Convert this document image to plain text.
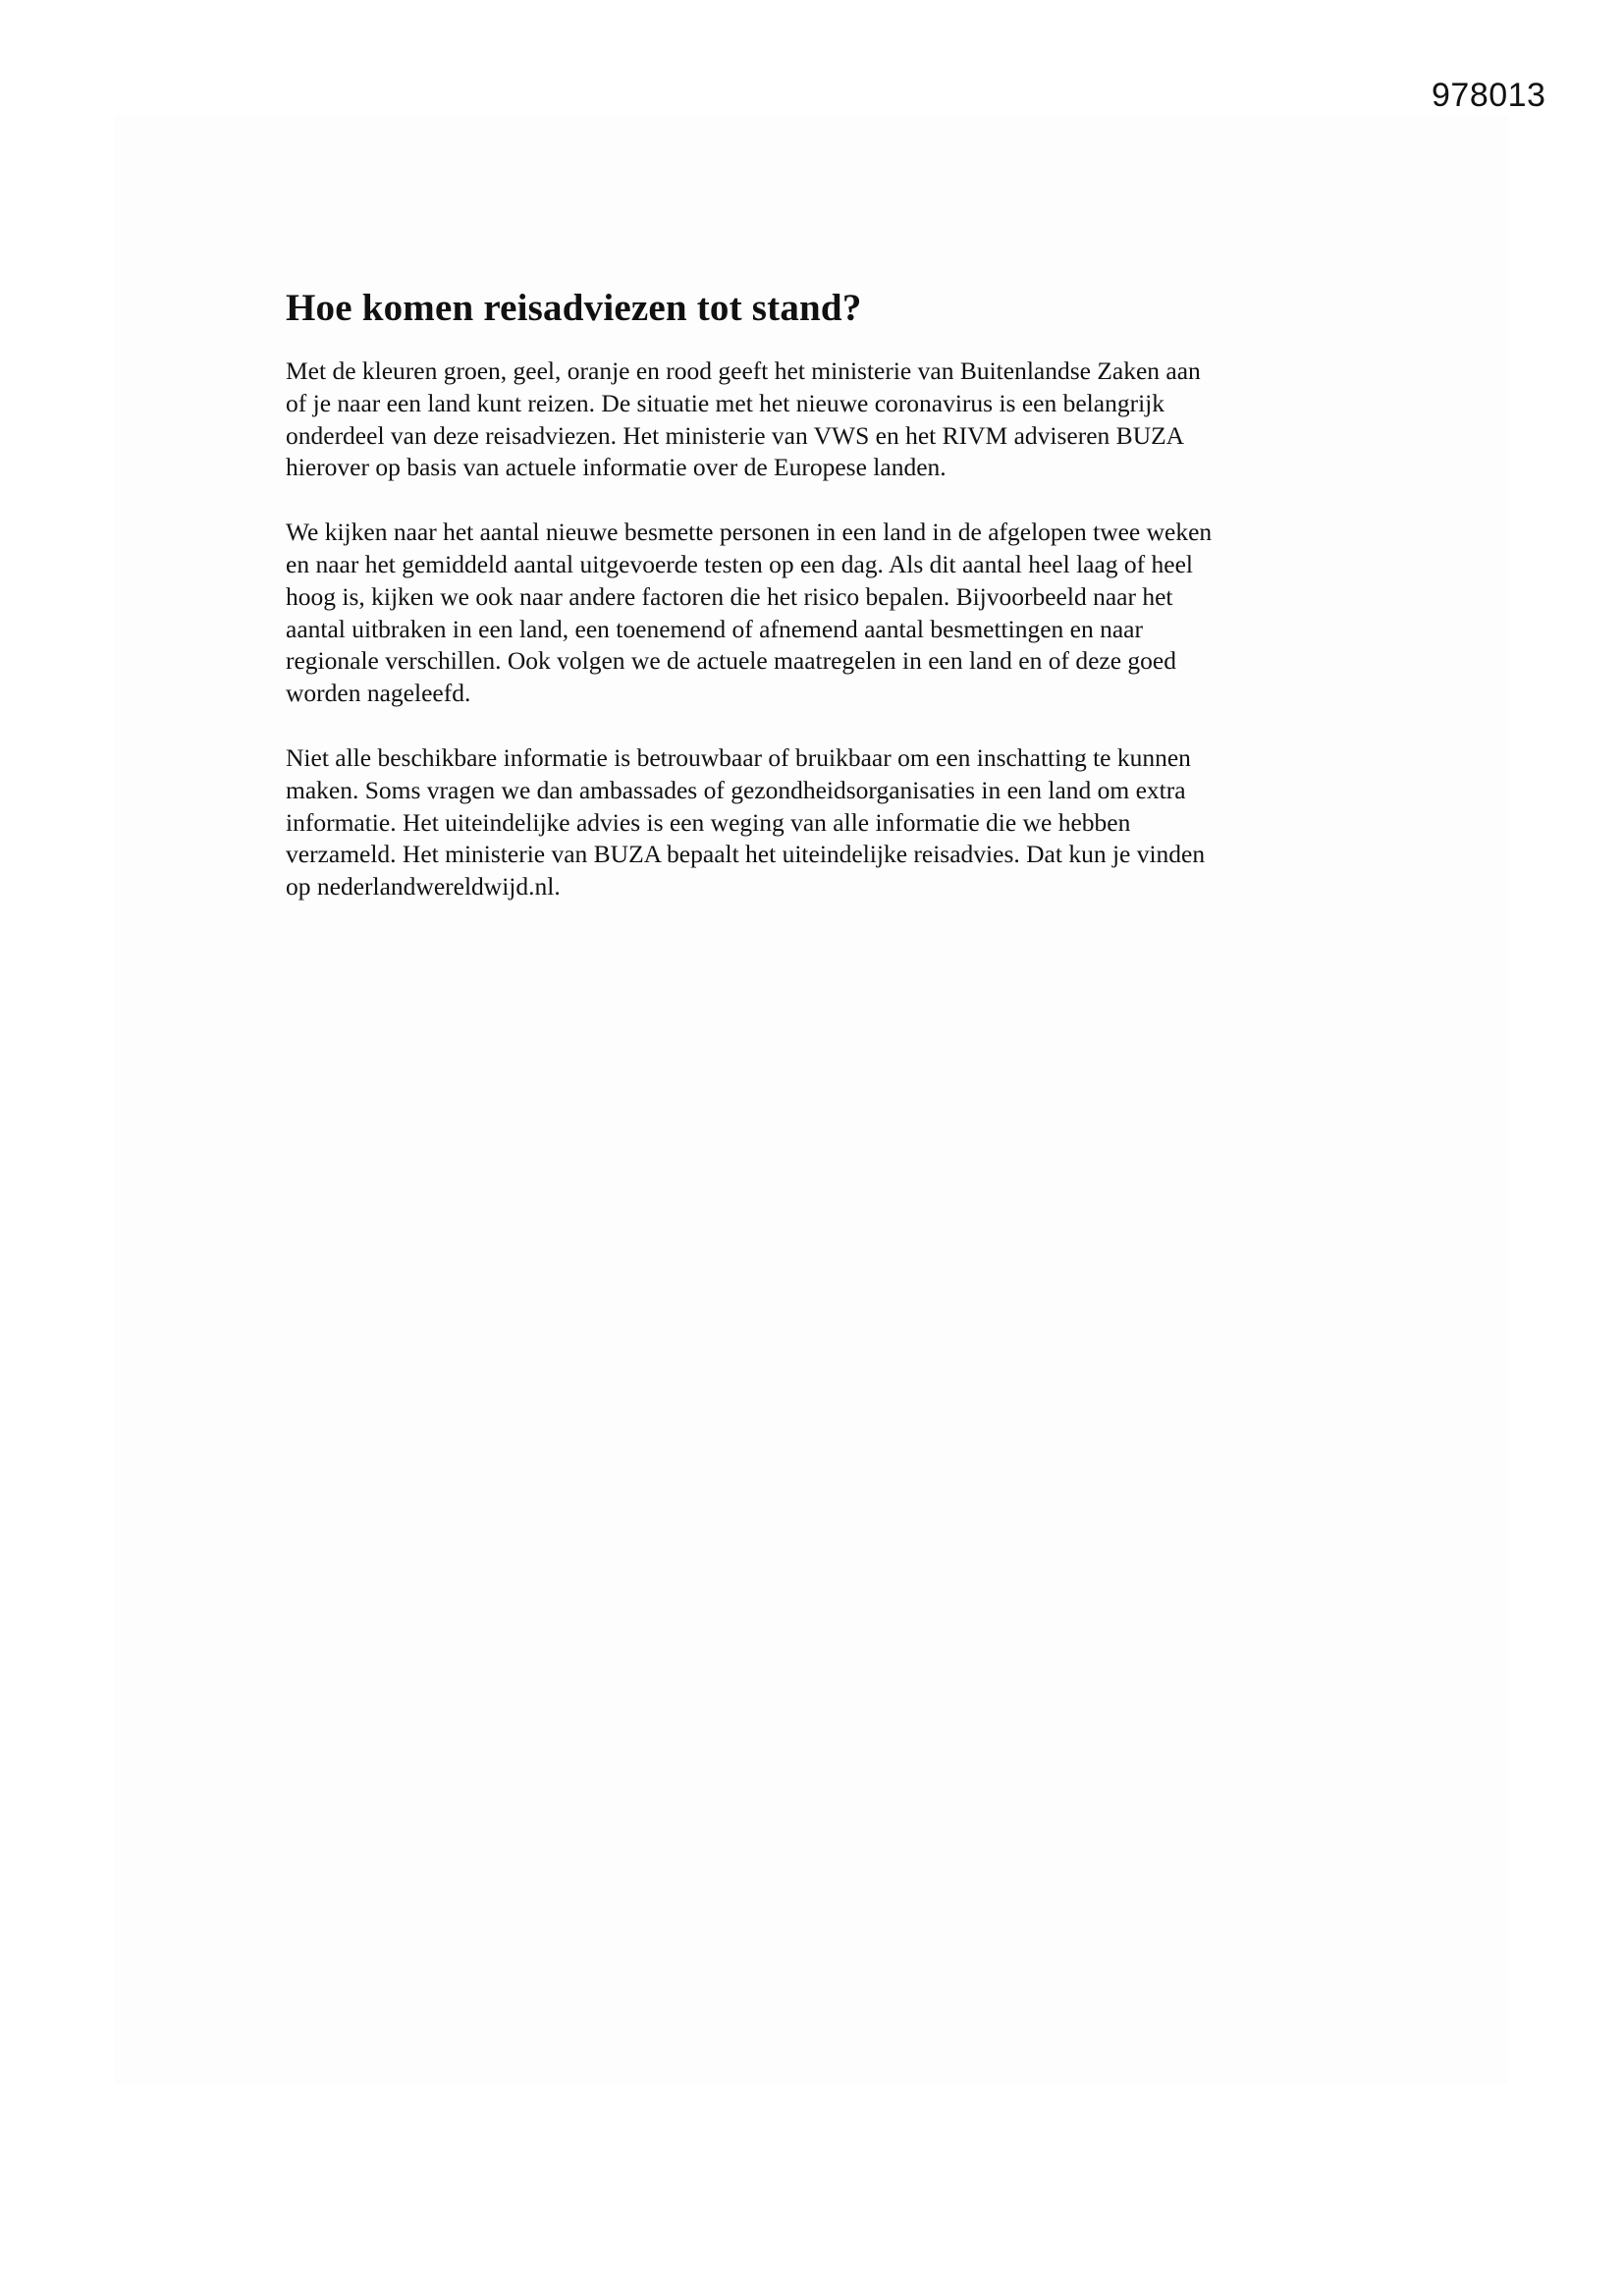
978013
Hoe komen reisadviezen tot stand?

Met de kleuren groen, geel, oranje en rood geeft het ministerie van Buitenlandse Zaken aan
of je naar een land kunt reizen. De situatie met het nieuwe coronavirus is een belangrijk
onderdeel van deze reisadviezen. Het ministerie van VWS en het RIVM adviseren BUZA
hierover op basis van actuele informatie over de Europese landen.

We kijken naar het aantal nieuwe besmette personen in een land in de afgelopen twee weken
en naar het gemiddeld aantal uitgevoerde testen op een dag. Als dit aantal heel laag of heel
hoog is, kijken we ook naar andere factoren die het risico bepalen. Bijvoorbeeld naar het
aantal uitbraken in een land, een toenemend of afnemend aantal besmettingen en naar
regionale verschillen. Ook volgen we de actuele maatregelen in een land en of deze goed
worden nageleefd.

Niet alle beschikbare informatie is betrouwbaar of bruikbaar om een inschatting te kunnen
maken. Soms vragen we dan ambassades of gezondheidsorganisaties in een land om extra
informatie. Het uiteindelijke advies is een weging van alle informatie die we hebben
verzameld. Het ministerie van BUZA bepaalt het uiteindelijke reisadvies. Dat kun je vinden
op nederlandwereldwijd.nl.
